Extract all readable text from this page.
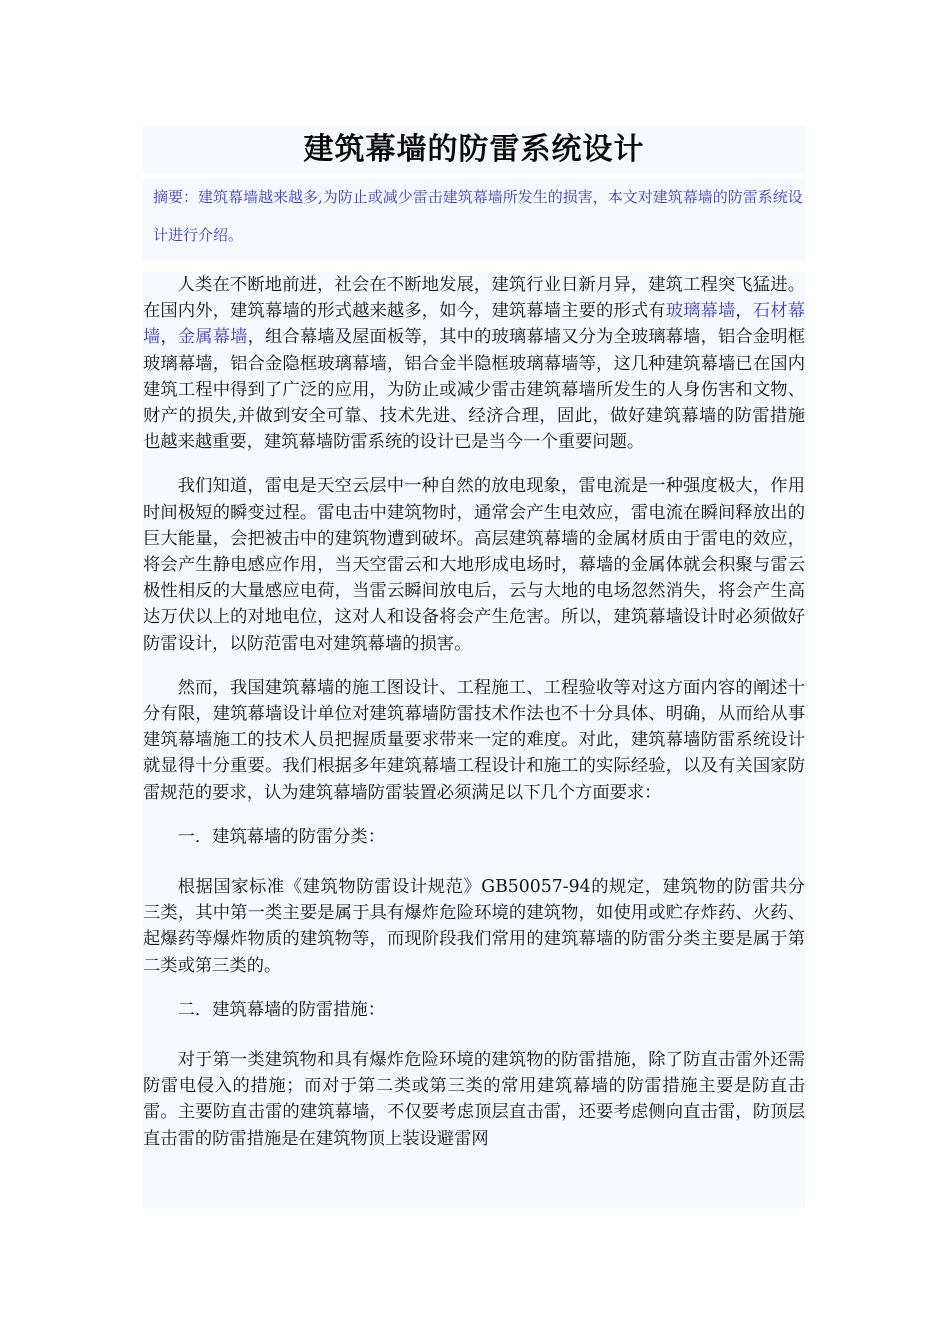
建筑幕墙的防雷系统设计
摘要：建筑幕墙越来越多,为防止或减少雷击建筑幕墙所发生的损害，本文对建筑幕墙的防雷系统设计进行介绍。

人类在不断地前进，社会在不断地发展，建筑行业日新月异，建筑工程突飞猛进。在国内外，建筑幕墙的形式越来越多，如今，建筑幕墙主要的形式有玻璃幕墙，石材幕墙，金属幕墙，组合幕墙及屋面板等，其中的玻璃幕墙又分为全玻璃幕墙，铝合金明框玻璃幕墙，铝合金隐框玻璃幕墙，铝合金半隐框玻璃幕墙等，这几种建筑幕墙已在国内建筑工程中得到了广泛的应用，为防止或减少雷击建筑幕墙所发生的人身伤害和文物、财产的损失,并做到安全可靠、技术先进、经济合理，固此，做好建筑幕墙的防雷措施也越来越重要，建筑幕墙防雷系统的设计已是当今一个重要问题。

我们知道，雷电是天空云层中一种自然的放电现象，雷电流是一种强度极大，作用时间极短的瞬变过程。雷电击中建筑物时，通常会产生电效应，雷电流在瞬间释放出的巨大能量，会把被击中的建筑物遭到破坏。高层建筑幕墙的金属材质由于雷电的效应，将会产生静电感应作用，当天空雷云和大地形成电场时，幕墙的金属体就会积聚与雷云极性相反的大量感应电荷，当雷云瞬间放电后，云与大地的电场忽然消失，将会产生高达万伏以上的对地电位，这对人和设备将会产生危害。所以，建筑幕墙设计时必须做好防雷设计，以防范雷电对建筑幕墙的损害。

然而，我国建筑幕墙的施工图设计、工程施工、工程验收等对这方面内容的阐述十分有限，建筑幕墙设计单位对建筑幕墙防雷技术作法也不十分具体、明确，从而给从事建筑幕墙施工的技术人员把握质量要求带来一定的难度。对此，建筑幕墙防雷系统设计就显得十分重要。我们根据多年建筑幕墙工程设计和施工的实际经验，以及有关国家防雷规范的要求，认为建筑幕墙防雷装置必须满足以下几个方面要求：

一．建筑幕墙的防雷分类：

根据国家标准《建筑物防雷设计规范》GB50057-94的规定，建筑物的防雷共分三类，其中第一类主要是属于具有爆炸危险环境的建筑物，如使用或贮存炸药、火药、起爆药等爆炸物质的建筑物等，而现阶段我们常用的建筑幕墙的防雷分类主要是属于第二类或第三类的。

二．建筑幕墙的防雷措施：

对于第一类建筑物和具有爆炸危险环境的建筑物的防雷措施，除了防直击雷外还需防雷电侵入的措施；而对于第二类或第三类的常用建筑幕墙的防雷措施主要是防直击雷。主要防直击雷的建筑幕墙，不仅要考虑顶层直击雷，还要考虑侧向直击雷，防顶层直击雷的防雷措施是在建筑物顶上装设避雷网
